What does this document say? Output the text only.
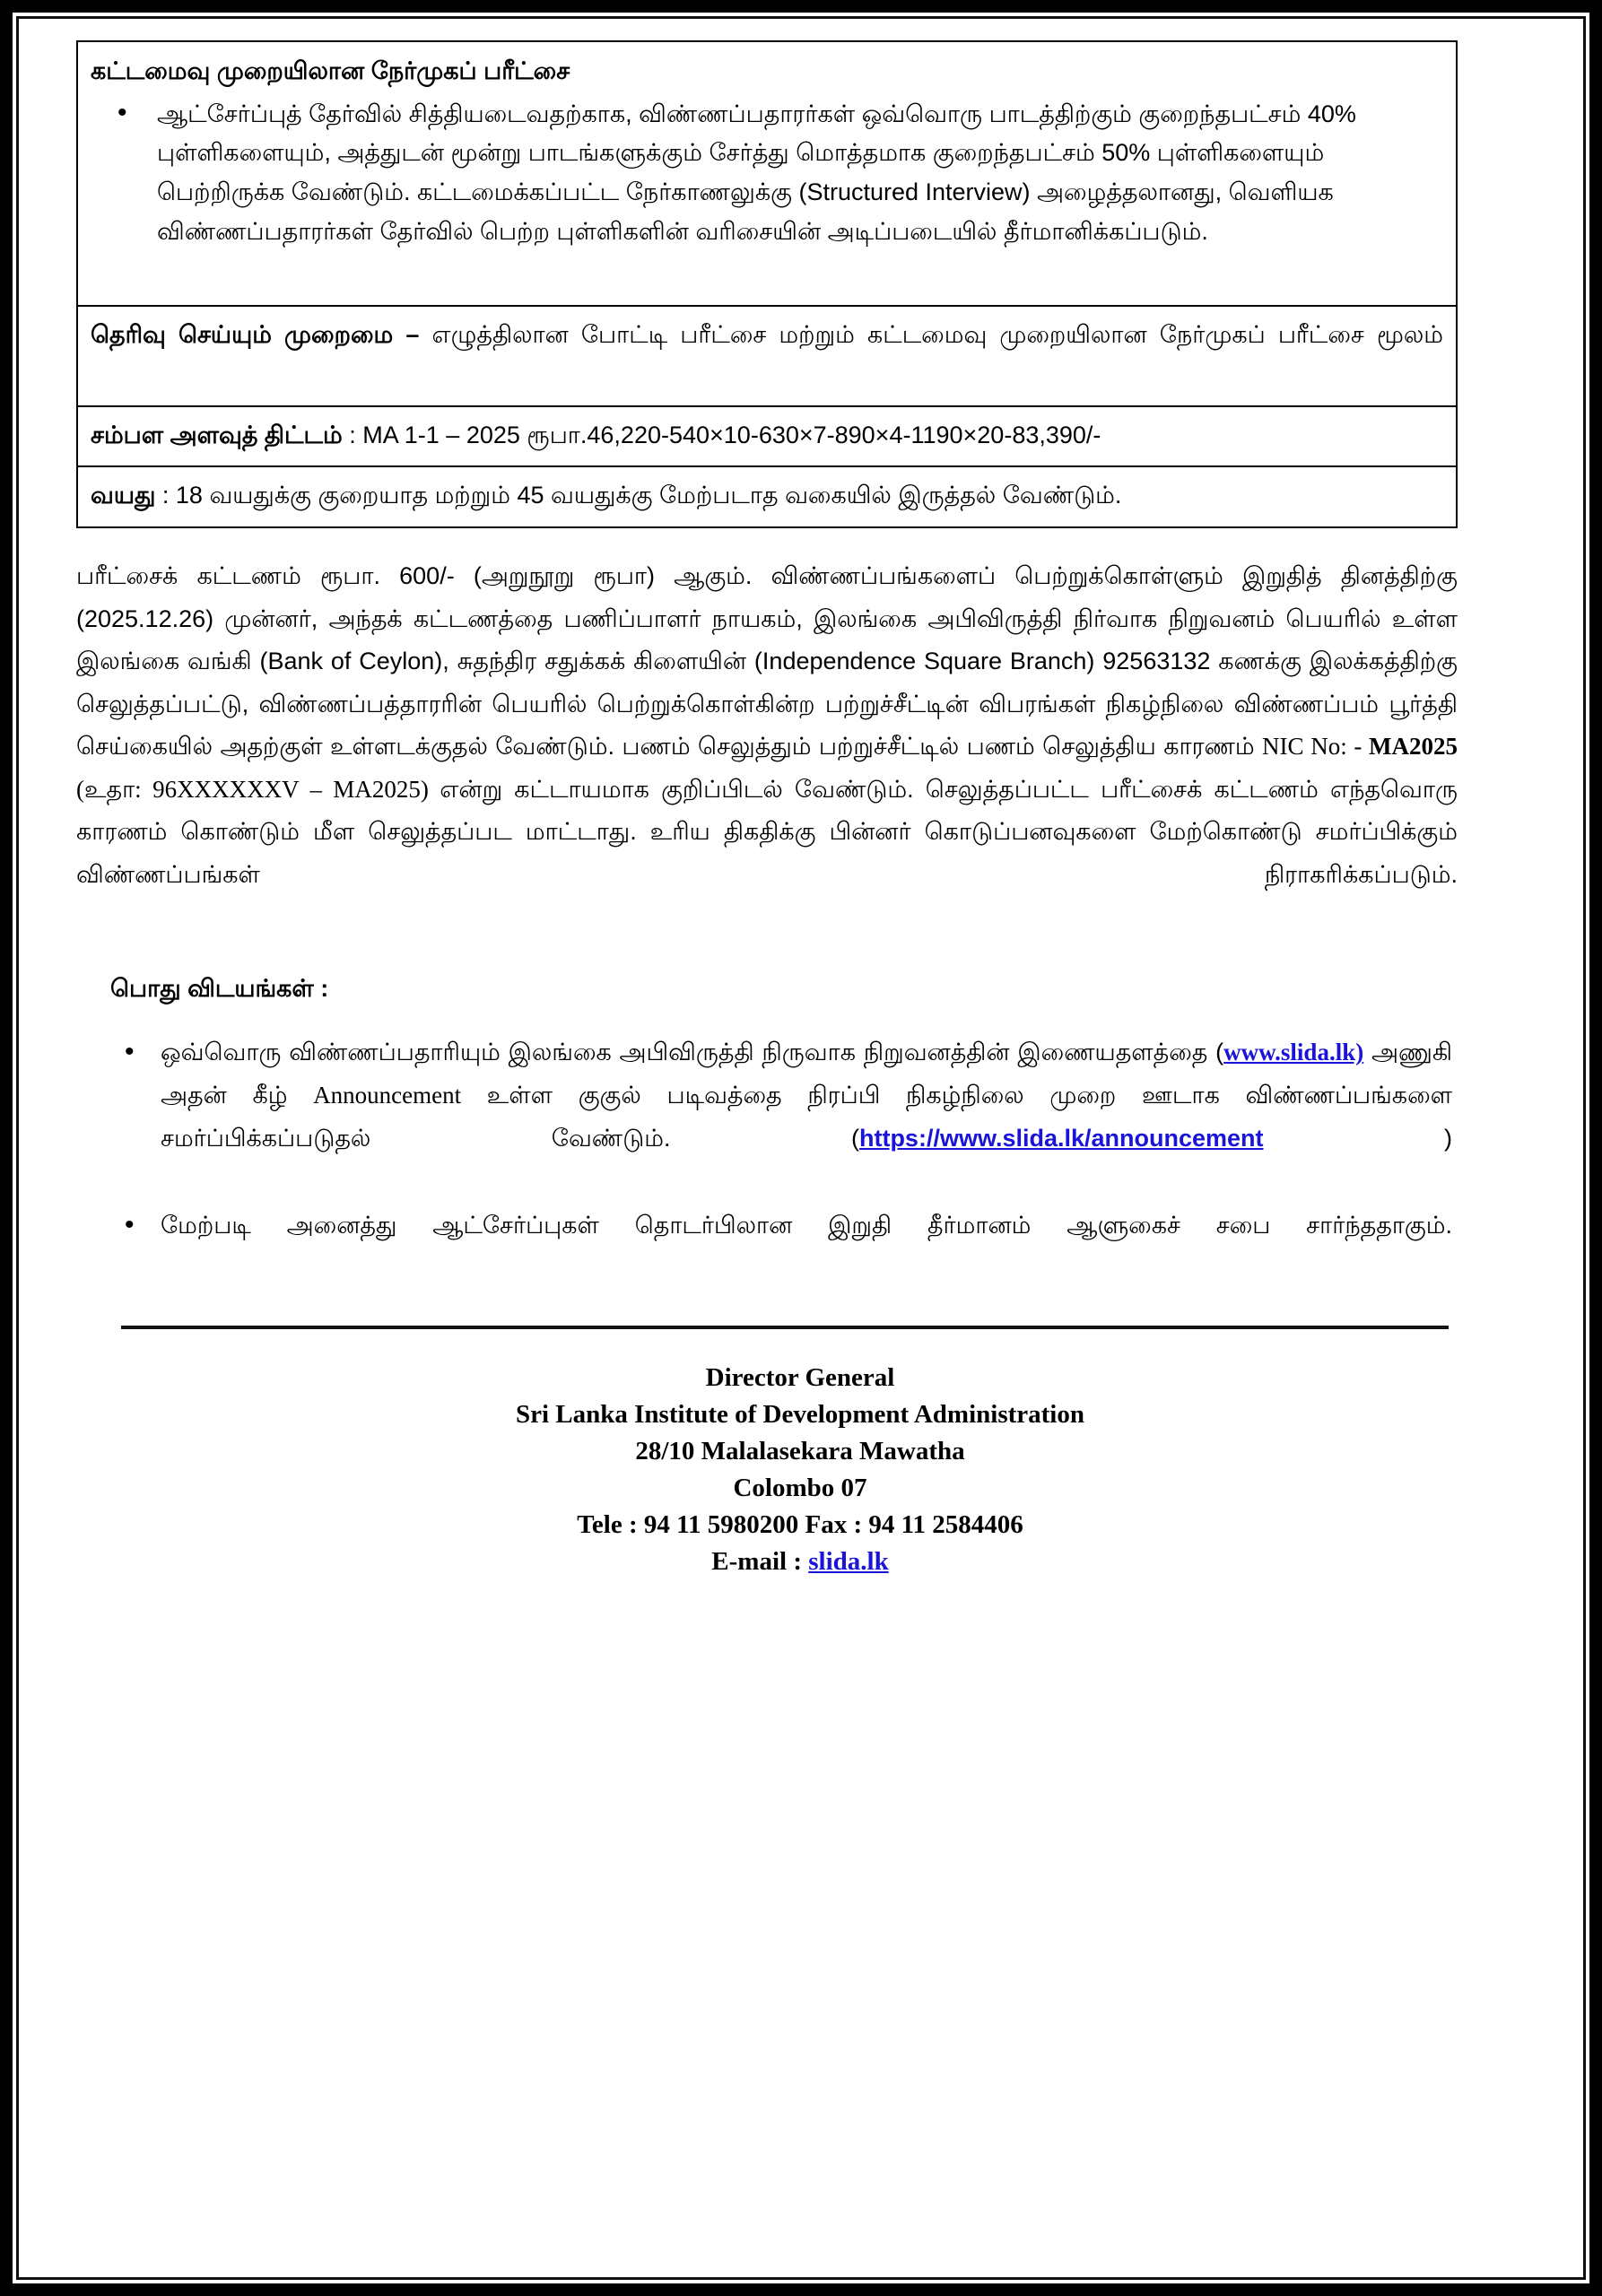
கட்டமைவு முறையிலான நேர்முகப் பரீட்சை
• ஆட்சேர்ப்புத் தேர்வில் சித்தியடைவதற்காக, விண்ணப்பதாரர்கள் ஒவ்வொரு பாடத்திற்கும் குறைந்தபட்சம் 40% புள்ளிகளையும், அத்துடன் மூன்று பாடங்களுக்கும் சேர்த்து மொத்தமாக குறைந்தபட்சம் 50% புள்ளிகளையும் பெற்றிருக்க வேண்டும். கட்டமைக்கப்பட்ட நேர்காணலுக்கு (Structured Interview) அழைத்தலானது, வெளியக விண்ணப்பதாரர்கள் தேர்வில் பெற்ற புள்ளிகளின் வரிசையின் அடிப்படையில் தீர்மானிக்கப்படும்.

தெரிவு செய்யும் முறைமை – எழுத்திலான போட்டி பரீட்சை மற்றும் கட்டமைவு முறையிலான நேர்முகப் பரீட்சை மூலம்

சம்பள அளவுத் திட்டம் : MA 1-1 – 2025 ரூபா.46,220-540×10-630×7-890×4-1190×20-83,390/-

வயது : 18 வயதுக்கு குறையாத மற்றும் 45 வயதுக்கு மேற்படாத வகையில் இருத்தல் வேண்டும்.
பரீட்சைக் கட்டணம் ரூபா. 600/- (அறுநூறு ரூபா) ஆகும். விண்ணப்பங்களைப் பெற்றுக்கொள்ளும் இறுதித் தினத்திற்கு (2025.12.26) முன்னர், அந்தக் கட்டணத்தை பணிப்பாளர் நாயகம், இலங்கை அபிவிருத்தி நிர்வாக நிறுவனம் பெயரில் உள்ள இலங்கை வங்கி (Bank of Ceylon), சுதந்திர சதுக்கக் கிளையின் (Independence Square Branch) 92563132 கணக்கு இலக்கத்திற்கு செலுத்தப்பட்டு, விண்ணப்பத்தாரரின் பெயரில் பெற்றுக்கொள்கின்ற பற்றுச்சீட்டின் விபரங்கள் நிகழ்நிலை விண்ணப்பம் பூர்த்தி செய்கையில் அதற்குள் உள்ளடக்குதல் வேண்டும். பணம் செலுத்தும் பற்றுச்சீட்டில் பணம் செலுத்திய காரணம் NIC No: - MA2025 (உதா: 96XXXXXXV – MA2025) என்று கட்டாயமாக குறிப்பிடல் வேண்டும். செலுத்தப்பட்ட பரீட்சைக் கட்டணம் எந்தவொரு காரணம் கொண்டும் மீள செலுத்தப்பட மாட்டாது. உரிய திகதிக்கு பின்னர் கொடுப்பனவுகளை மேற்கொண்டு சமர்ப்பிக்கும் விண்ணப்பங்கள் நிராகரிக்கப்படும்.
பொது விடயங்கள் :
• ஒவ்வொரு விண்ணப்பதாரியும் இலங்கை அபிவிருத்தி நிருவாக நிறுவனத்தின் இணையதளத்தை (www.slida.lk) அணுகி அதன் கீழ் Announcement உள்ள குகுல் படிவத்தை நிரப்பி நிகழ்நிலை முறை ஊடாக விண்ணப்பங்களை சமர்ப்பிக்கப்படுதல் வேண்டும். (https://www.slida.lk/announcement )
• மேற்படி அனைத்து ஆட்சேர்ப்புகள் தொடர்பிலான இறுதி தீர்மானம் ஆளுகைச் சபை சார்ந்ததாகும்.
Director General
Sri Lanka Institute of Development Administration
28/10 Malalasekara Mawatha
Colombo 07
Tele : 94 11 5980200 Fax : 94 11 2584406
E-mail : slida.lk
